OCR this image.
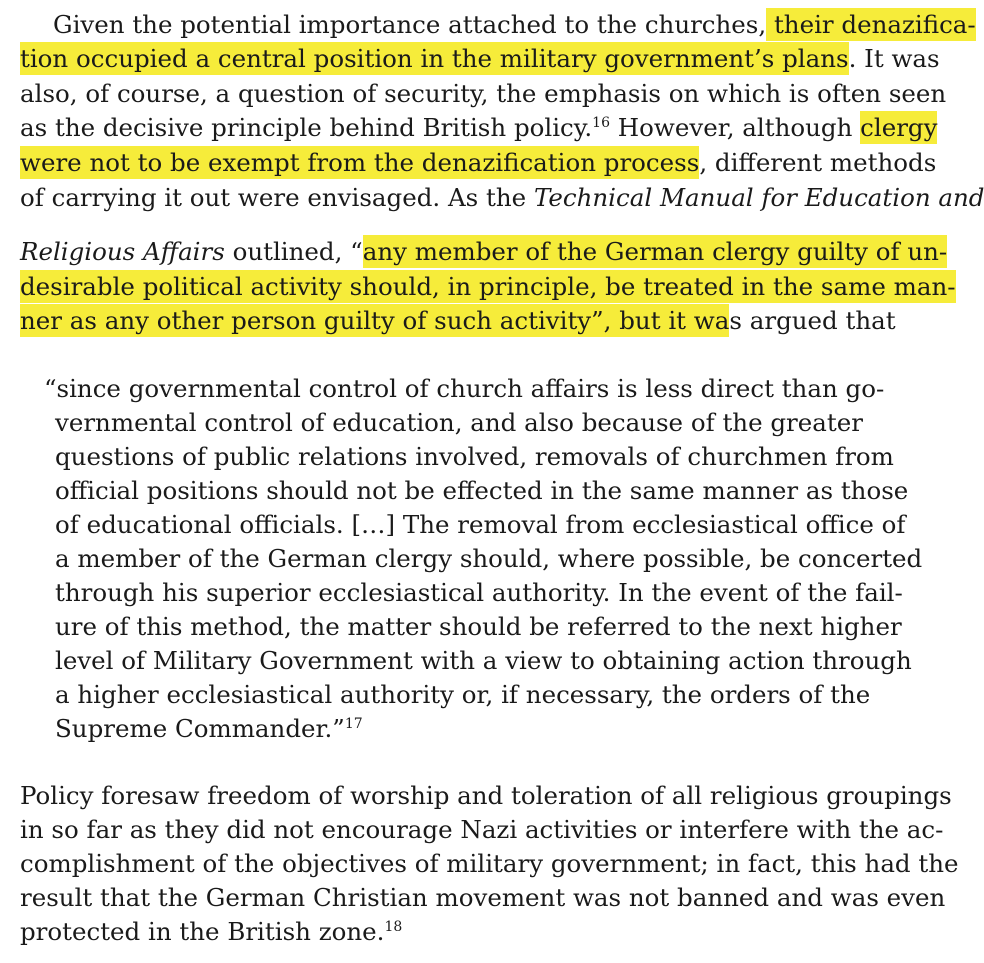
Given the potential importance attached to the churches, their denazifica-
tion occupied a central position in the military government’s plans. It was
also, of course, a question of security, the emphasis on which is often seen
as the decisive principle behind British policy.$^{16}$ However, although clergy
were not to be exempt from the denazification process, different methods
of carrying it out were envisaged. As the Technical Manual for Education and
Religious Affairs outlined, “any member of the German clergy guilty of un-
desirable political activity should, in principle, be treated in the same man-
ner as any other person guilty of such activity”, but it was argued that
“since governmental control of church affairs is less direct than go-
vernmental control of education, and also because of the greater
questions of public relations involved, removals of churchmen from
official positions should not be effected in the same manner as those
of educational officials. […] The removal from ecclesiastical office of
a member of the German clergy should, where possible, be concerted
through his superior ecclesiastical authority. In the event of the fail-
ure of this method, the matter should be referred to the next higher
level of Military Government with a view to obtaining action through
a higher ecclesiastical authority or, if necessary, the orders of the
Supreme Commander.”$^{17}$
Policy foresaw freedom of worship and toleration of all religious groupings
in so far as they did not encourage Nazi activities or interfere with the ac-
complishment of the objectives of military government; in fact, this had the
result that the German Christian movement was not banned and was even
protected in the British zone.$^{18}$
